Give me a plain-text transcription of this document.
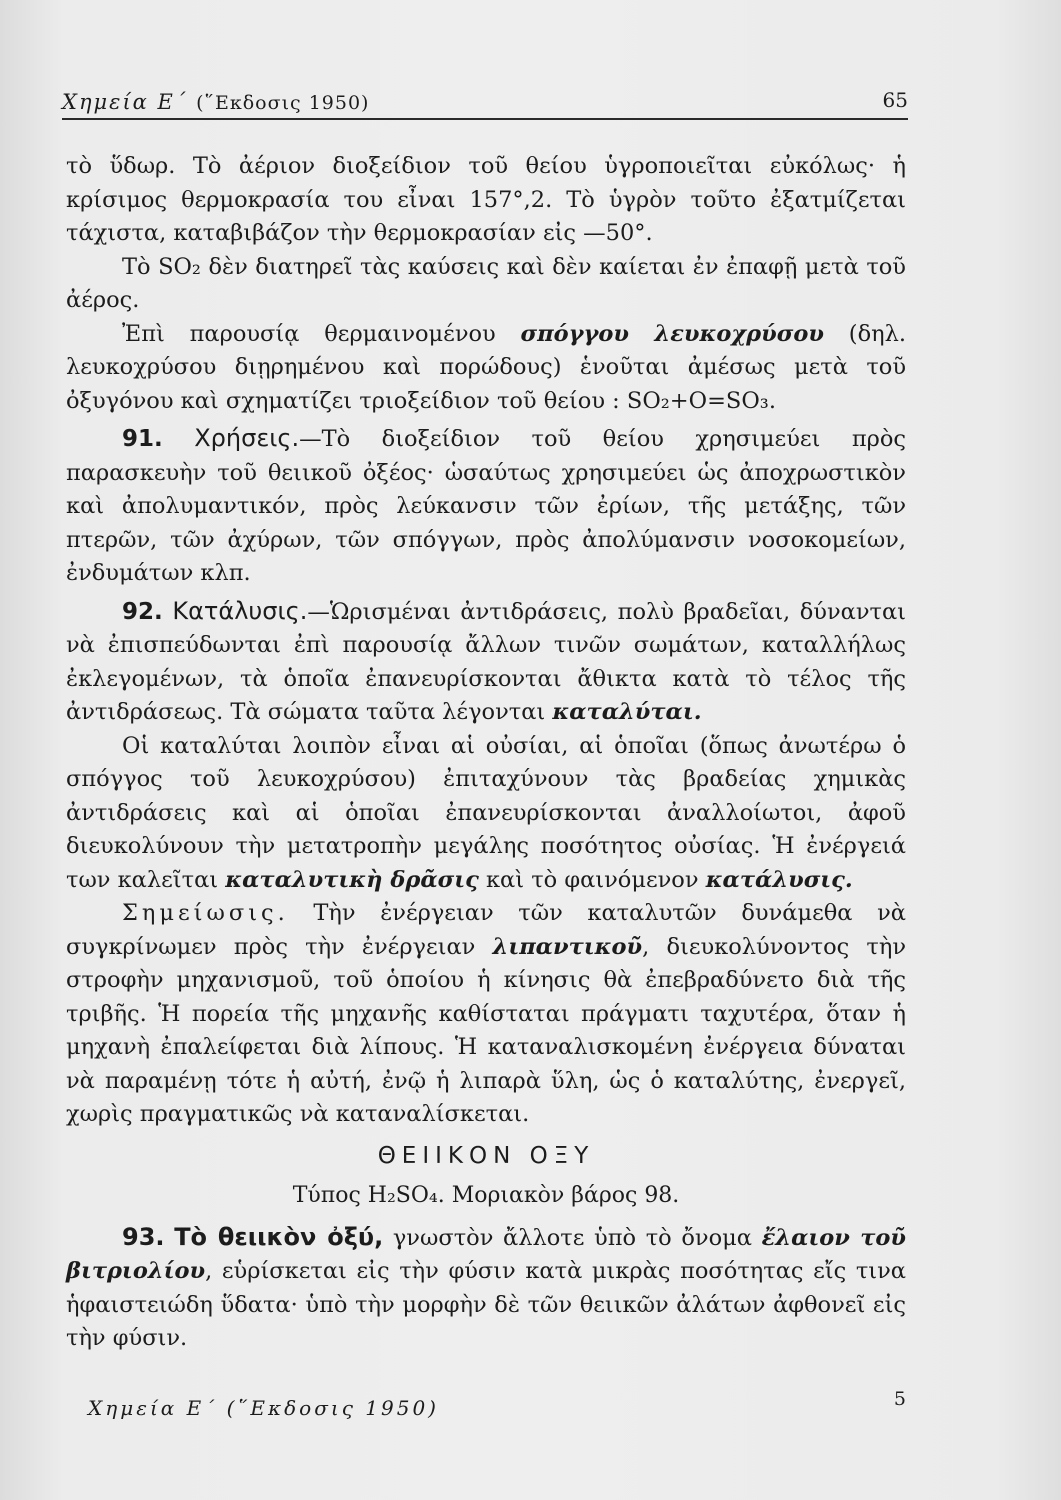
Χημεία Ε΄ (῞Εκδοσις 1950)	65

τὸ ὕδωρ. Τὸ ἀέριον διοξείδιον τοῦ θείου ὑγροποιεῖται εὐκόλως· ἡ κρίσιμος θερμοκρασία του εἶναι 157°,2. Τὸ ὑγρὸν τοῦτο ἐξατμίζεται τάχιστα, καταβιβάζον τὴν θερμοκρασίαν εἰς —50°.

Τὸ SO₂ δὲν διατηρεῖ τὰς καύσεις καὶ δὲν καίεται ἐν ἐπαφῇ μετὰ τοῦ ἀέρος.

Ἐπὶ παρουσίᾳ θερμαινομένου σπόγγου λευκοχρύσου (δηλ. λευκοχρύσου διῃρημένου καὶ πορώδους) ἑνοῦται ἀμέσως μετὰ τοῦ ὀξυγόνου καὶ σχηματίζει τριοξείδιον τοῦ θείου : SO₂+O=SO₃.

91. Χρήσεις.—Τὸ διοξείδιον τοῦ θείου χρησιμεύει πρὸς παρασκευὴν τοῦ θειικοῦ ὀξέος· ὡσαύτως χρησιμεύει ὡς ἀποχρωστικὸν καὶ ἀπολυμαντικόν, πρὸς λεύκανσιν τῶν ἐρίων, τῆς μετάξης, τῶν πτερῶν, τῶν ἀχύρων, τῶν σπόγγων, πρὸς ἀπολύμανσιν νοσοκομείων, ἐνδυμάτων κλπ.

92. Κατάλυσις.—Ὡρισμέναι ἀντιδράσεις, πολὺ βραδεῖαι, δύνανται νὰ ἐπισπεύδωνται ἐπὶ παρουσίᾳ ἄλλων τινῶν σωμάτων, καταλλήλως ἐκλεγομένων, τὰ ὁποῖα ἐπανευρίσκονται ἄθικτα κατὰ τὸ τέλος τῆς ἀντιδράσεως. Τὰ σώματα ταῦτα λέγονται καταλύται.

Οἱ καταλύται λοιπὸν εἶναι αἱ οὐσίαι, αἱ ὁποῖαι (ὅπως ἀνωτέρω ὁ σπόγγος τοῦ λευκοχρύσου) ἐπιταχύνουν τὰς βραδείας χημικὰς ἀντιδράσεις καὶ αἱ ὁποῖαι ἐπανευρίσκονται ἀναλλοίωτοι, ἀφοῦ διευκολύνουν τὴν μετατροπὴν μεγάλης ποσότητος οὐσίας. Ἡ ἐνέργειά των καλεῖται καταλυτικὴ δρᾶσις καὶ τὸ φαινόμενον κατάλυσις.

Σημείωσις. Τὴν ἐνέργειαν τῶν καταλυτῶν δυνάμεθα νὰ συγκρίνωμεν πρὸς τὴν ἐνέργειαν λιπαντικοῦ, διευκολύνοντος τὴν στροφὴν μηχανισμοῦ, τοῦ ὁποίου ἡ κίνησις θὰ ἐπεβραδύνετο διὰ τῆς τριβῆς. Ἡ πορεία τῆς μηχανῆς καθίσταται πράγματι ταχυτέρα, ὅταν ἡ μηχανὴ ἐπαλείφεται διὰ λίπους. Ἡ καταναλισκομένη ἐνέργεια δύναται νὰ παραμένῃ τότε ἡ αὐτή, ἐνῷ ἡ λιπαρὰ ὕλη, ὡς ὁ καταλύτης, ἐνεργεῖ, χωρὶς πραγματικῶς νὰ καταναλίσκεται.

ΘΕΙΙΚΟΝ ΟΞΥ

Τύπος H₂SO₄. Μοριακὸν βάρος 98.

93. Τὸ θειικὸν ὀξύ, γνωστὸν ἄλλοτε ὑπὸ τὸ ὄνομα ἔλαιον τοῦ βιτριολίου, εὑρίσκεται εἰς τὴν φύσιν κατὰ μικρὰς ποσότητας εἴς τινα ἡφαιστειώδη ὕδατα· ὑπὸ τὴν μορφὴν δὲ τῶν θειικῶν ἀλάτων ἀφθονεῖ εἰς τὴν φύσιν.

Χημεία Ε΄ (῞Εκδοσις 1950)	5
